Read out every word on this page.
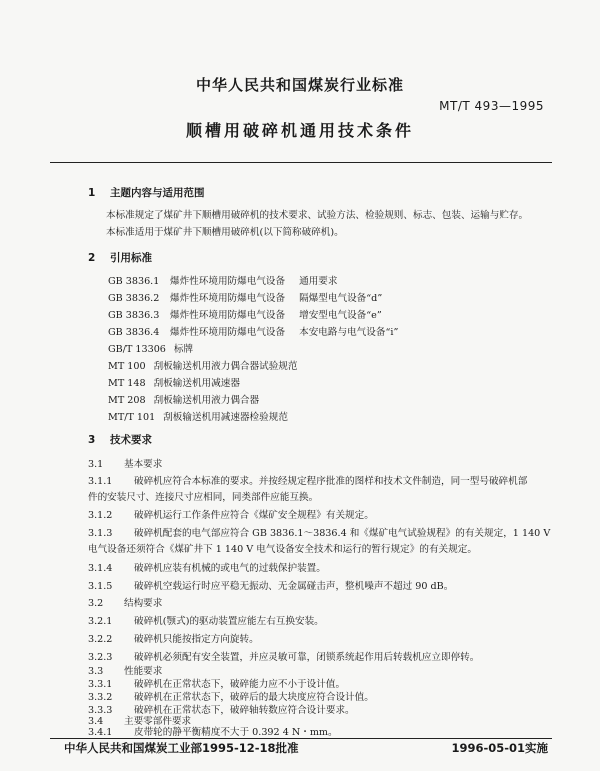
中华人民共和国煤炭行业标准
MT/T 493—1995
顺槽用破碎机通用技术条件
1 主题内容与适用范围
本标准规定了煤矿井下顺槽用破碎机的技术要求、试验方法、检验规则、标志、包装、运输与贮存。
本标准适用于煤矿井下顺槽用破碎机(以下简称破碎机)。
2 引用标准
GB 3836.1 爆炸性环境用防爆电气设备 通用要求
GB 3836.2 爆炸性环境用防爆电气设备 隔爆型电气设备“d”
GB 3836.3 爆炸性环境用防爆电气设备 增安型电气设备“e”
GB 3836.4 爆炸性环境用防爆电气设备 本安电路与电气设备“i”
GB/T 13306 标牌
MT 100 刮板输送机用液力偶合器试验规范
MT 148 刮板输送机用减速器
MT 208 刮板输送机用液力偶合器
MT/T 101 刮板输送机用减速器检验规范
3 技术要求
3.1 基本要求
3.1.1 破碎机应符合本标准的要求。并按经规定程序批准的图样和技术文件制造，同一型号破碎机部
件的安装尺寸、连接尺寸应相同，同类部件应能互换。
3.1.2 破碎机运行工作条件应符合《煤矿安全规程》有关规定。
3.1.3 破碎机配套的电气部应符合 GB 3836.1～3836.4 和《煤矿电气试验规程》的有关规定，1 140 V
电气设备还须符合《煤矿井下 1 140 V 电气设备安全技术和运行的暂行规定》的有关规定。
3.1.4 破碎机应装有机械的或电气的过载保护装置。
3.1.5 破碎机空载运行时应平稳无振动、无金属碰击声，整机噪声不超过 90 dB。
3.2 结构要求
3.2.1 破碎机(颚式)的驱动装置应能左右互换安装。
3.2.2 破碎机只能按指定方向旋转。
3.2.3 破碎机必须配有安全装置，并应灵敏可靠，闭锁系统起作用后转载机应立即停转。
3.3 性能要求
3.3.1 破碎机在正常状态下，破碎能力应不小于设计值。
3.3.2 破碎机在正常状态下，破碎后的最大块度应符合设计值。
3.3.3 破碎机在正常状态下，破碎轴转数应符合设计要求。
中华人民共和国煤炭工业部1995-12-18批准	1996-05-01实施
3.4 主要零部件要求
3.4.1 皮带轮的静平衡精度不大于 0.392 4 N・mm。
